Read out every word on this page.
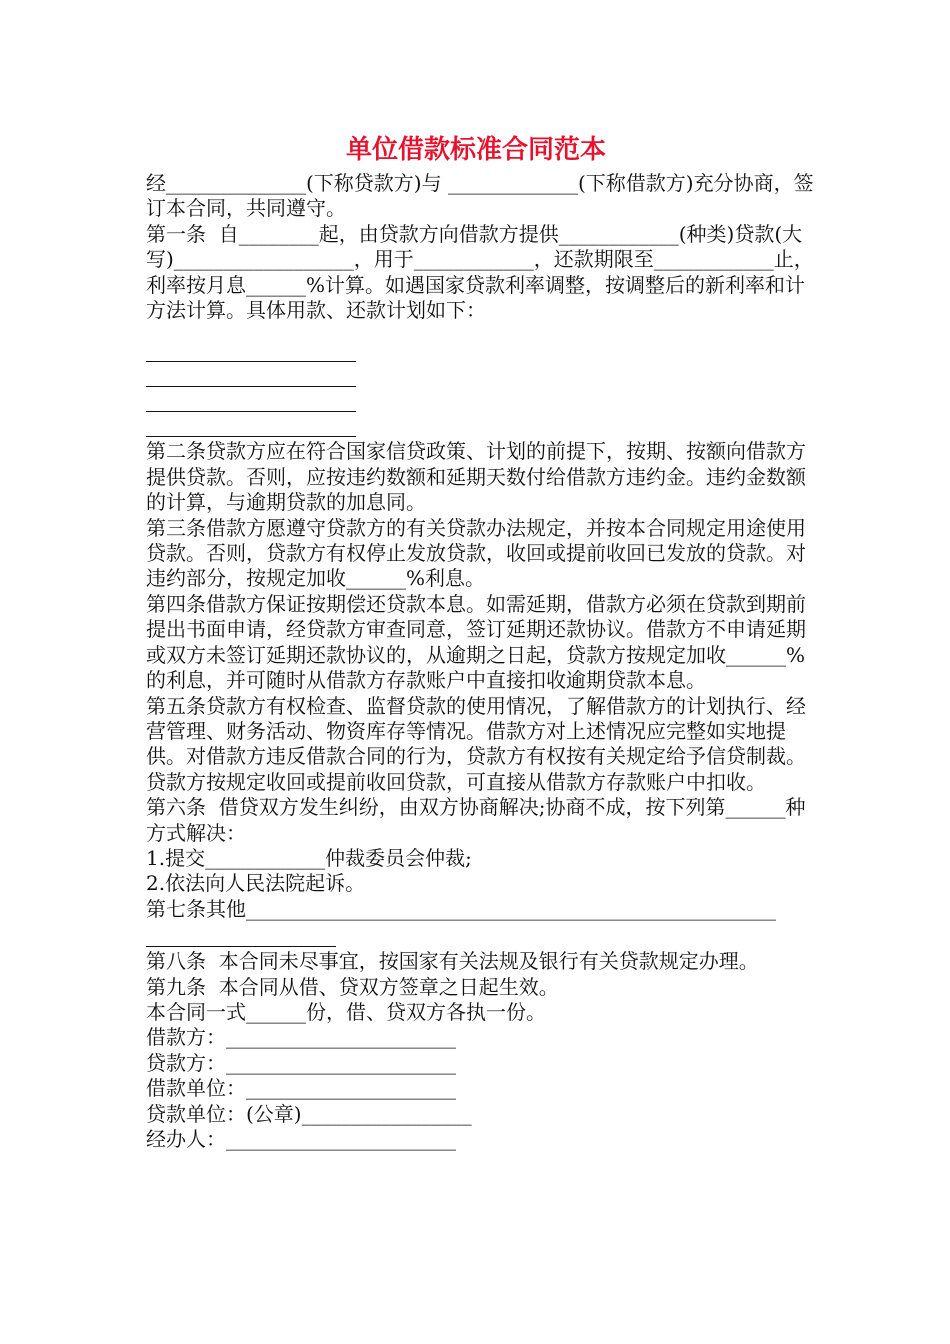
单位借款标准合同范本
经______________(下称贷款方)与 _____________(下称借款方)充分协商，签订本合同，共同遵守。
第一条  自________起，由贷款方向借款方提供____________(种类)贷款(大写)__________________，用于____________，还款期限至____________止，利率按月息______%计算。如遇国家贷款利率调整，按调整后的新利率和计方法计算。具体用款、还款计划如下：
第二条贷款方应在符合国家信贷政策、计划的前提下，按期、按额向借款方提供贷款。否则，应按违约数额和延期天数付给借款方违约金。违约金数额的计算，与逾期贷款的加息同。
第三条借款方愿遵守贷款方的有关贷款办法规定，并按本合同规定用途使用贷款。否则，贷款方有权停止发放贷款，收回或提前收回已发放的贷款。对违约部分，按规定加收______%利息。
第四条借款方保证按期偿还贷款本息。如需延期，借款方必须在贷款到期前提出书面申请，经贷款方审查同意，签订延期还款协议。借款方不申请延期或双方未签订延期还款协议的，从逾期之日起，贷款方按规定加收______%的利息，并可随时从借款方存款账户中直接扣收逾期贷款本息。
第五条贷款方有权检查、监督贷款的使用情况，了解借款方的计划执行、经营管理、财务活动、物资库存等情况。借款方对上述情况应完整如实地提供。对借款方违反借款合同的行为，贷款方有权按有关规定给予信贷制裁。
贷款方按规定收回或提前收回贷款，可直接从借款方存款账户中扣收。
第六条  借贷双方发生纠纷，由双方协商解决;协商不成，按下列第______种方式解决：
1.提交____________仲裁委员会仲裁;
2.依法向人民法院起诉。
第七条其他_____________________________________________________
第八条  本合同未尽事宜，按国家有关法规及银行有关贷款规定办理。
第九条  本合同从借、贷双方签章之日起生效。
本合同一式______份，借、贷双方各执一份。
借款方：_______________________
贷款方：_______________________
借款单位：_____________________
贷款单位：(公章)_________________
经办人：_______________________
